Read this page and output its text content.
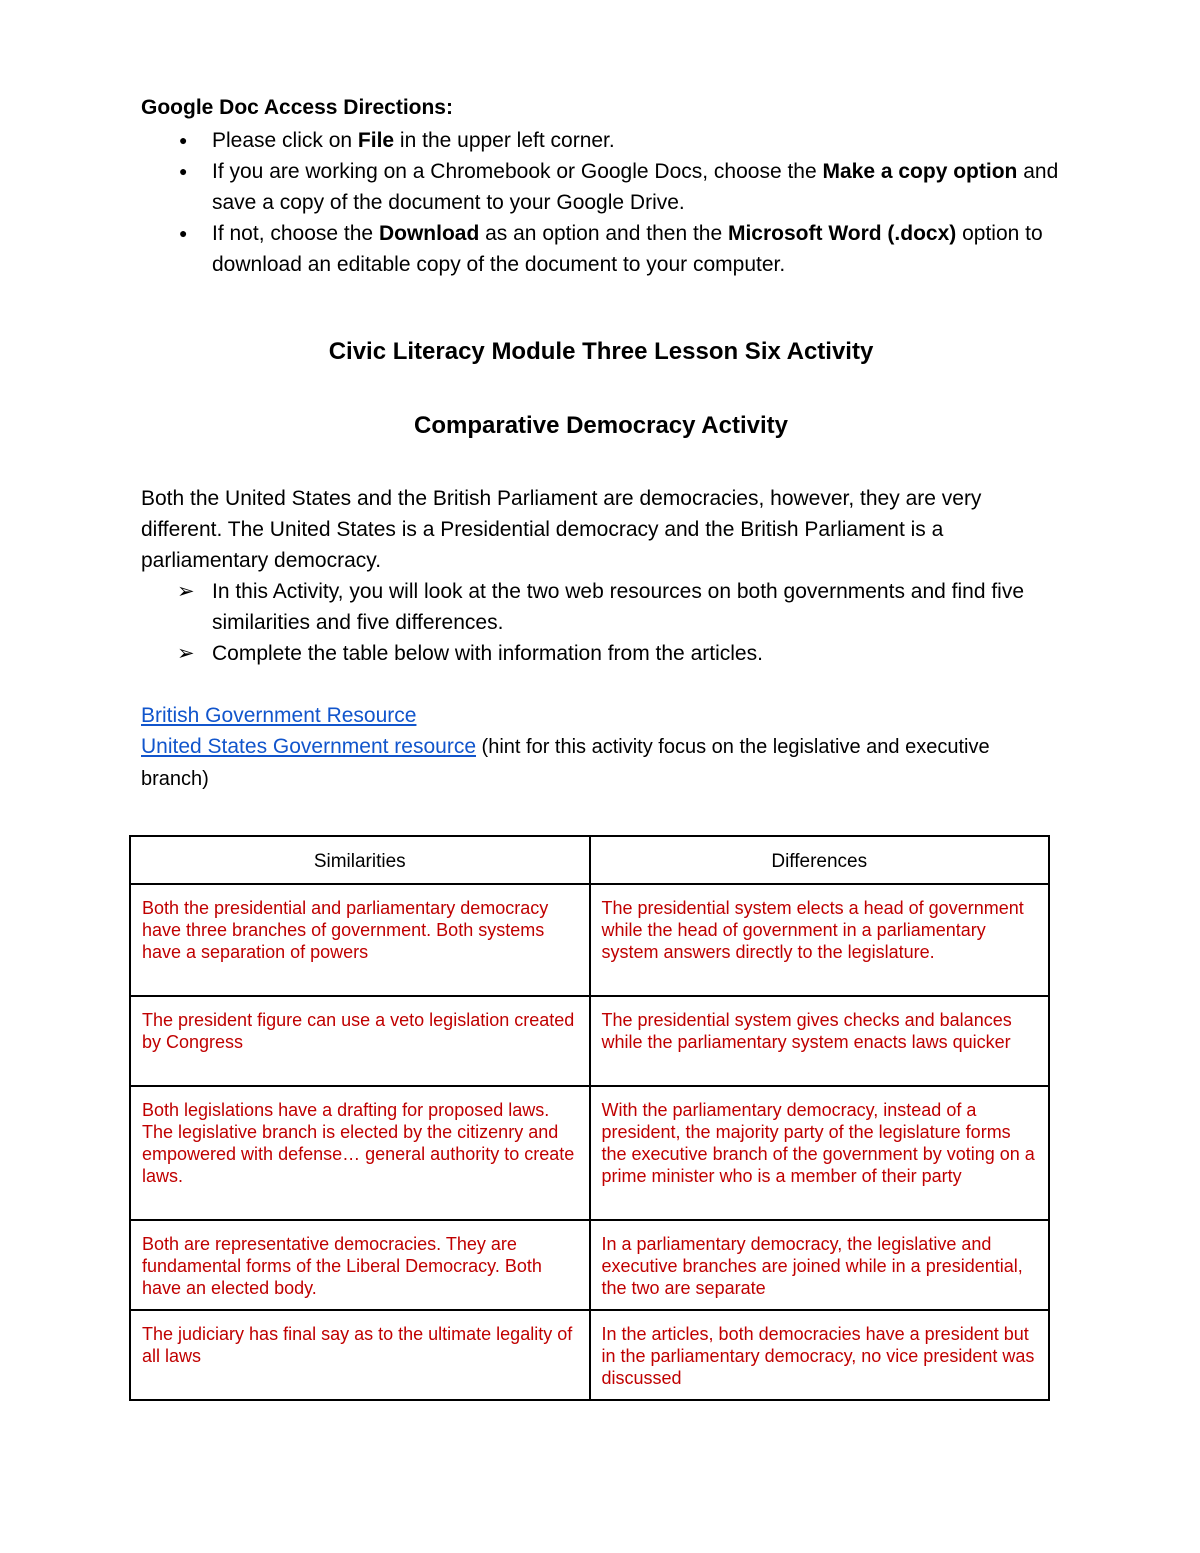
Google Doc Access Directions:
● Please click on File in the upper left corner.
● If you are working on a Chromebook or Google Docs, choose the Make a copy option and save a copy of the document to your Google Drive.
● If not, choose the Download as an option and then the Microsoft Word (.docx) option to download an editable copy of the document to your computer.
Civic Literacy Module Three Lesson Six Activity
Comparative Democracy Activity

Both the United States and the British Parliament are democracies, however, they are very different. The United States is a Presidential democracy and the British Parliament is a parliamentary democracy.

➢ In this Activity, you will look at the two web resources on both governments and find five similarities and five differences.
➢ Complete the table below with information from the articles.
British Government Resource
United States Government resource (hint for this activity focus on the legislative and executive branch)
Similarities	Differences
Both the presidential and parliamentary democracy have three branches of government. Both systems have a separation of powers	The presidential system elects a head of government while the head of government in a parliamentary system answers directly to the legislature.
The president figure can use a veto legislation created by Congress	The presidential system gives checks and balances while the parliamentary system enacts laws quicker
Both legislations have a drafting for proposed laws. The legislative branch is elected by the citizenry and empowered with defense… general authority to create laws.	With the parliamentary democracy, instead of a president, the majority party of the legislature forms the executive branch of the government by voting on a prime minister who is a member of their party
Both are representative democracies. They are fundamental forms of the Liberal Democracy. Both have an elected body.	In a parliamentary democracy, the legislative and executive branches are joined while in a presidential, the two are separate
The judiciary has final say as to the ultimate legality of all laws	In the articles, both democracies have a president but in the parliamentary democracy, no vice president was discussed
